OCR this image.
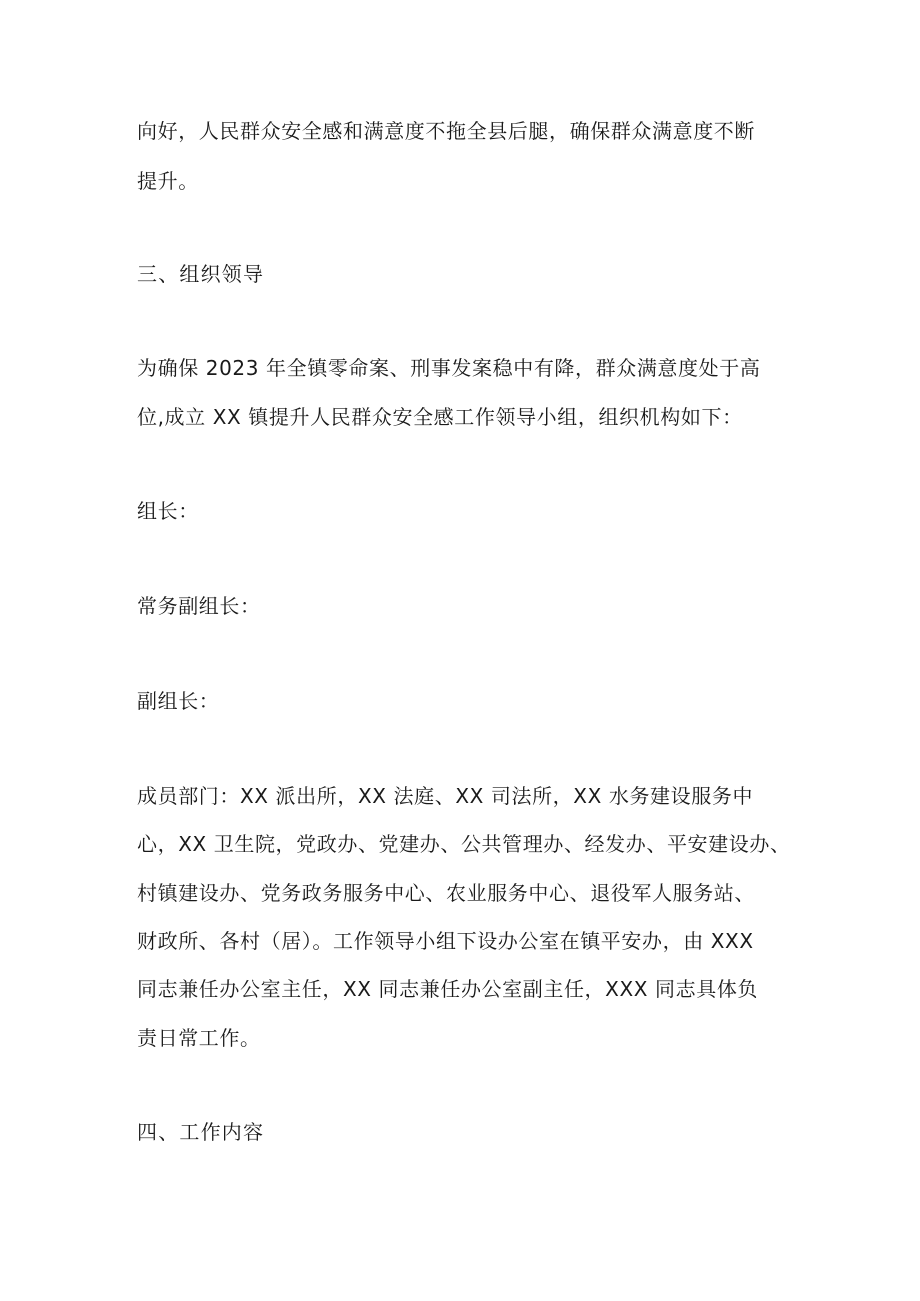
向好，人民群众安全感和满意度不拖全县后腿，确保群众满意度不断
提升。
三、组织领导
为确保 2023 年全镇零命案、刑事发案稳中有降，群众满意度处于高
位,成立 XX 镇提升人民群众安全感工作领导小组，组织机构如下：
组长：
常务副组长：
副组长：
成员部门：XX 派出所，XX 法庭、XX 司法所，XX 水务建设服务中
心，XX 卫生院，党政办、党建办、公共管理办、经发办、平安建设办、
村镇建设办、党务政务服务中心、农业服务中心、退役军人服务站、
财政所、各村（居）。工作领导小组下设办公室在镇平安办，由 XXX
同志兼任办公室主任，XX 同志兼任办公室副主任，XXX 同志具体负
责日常工作。
四、工作内容
